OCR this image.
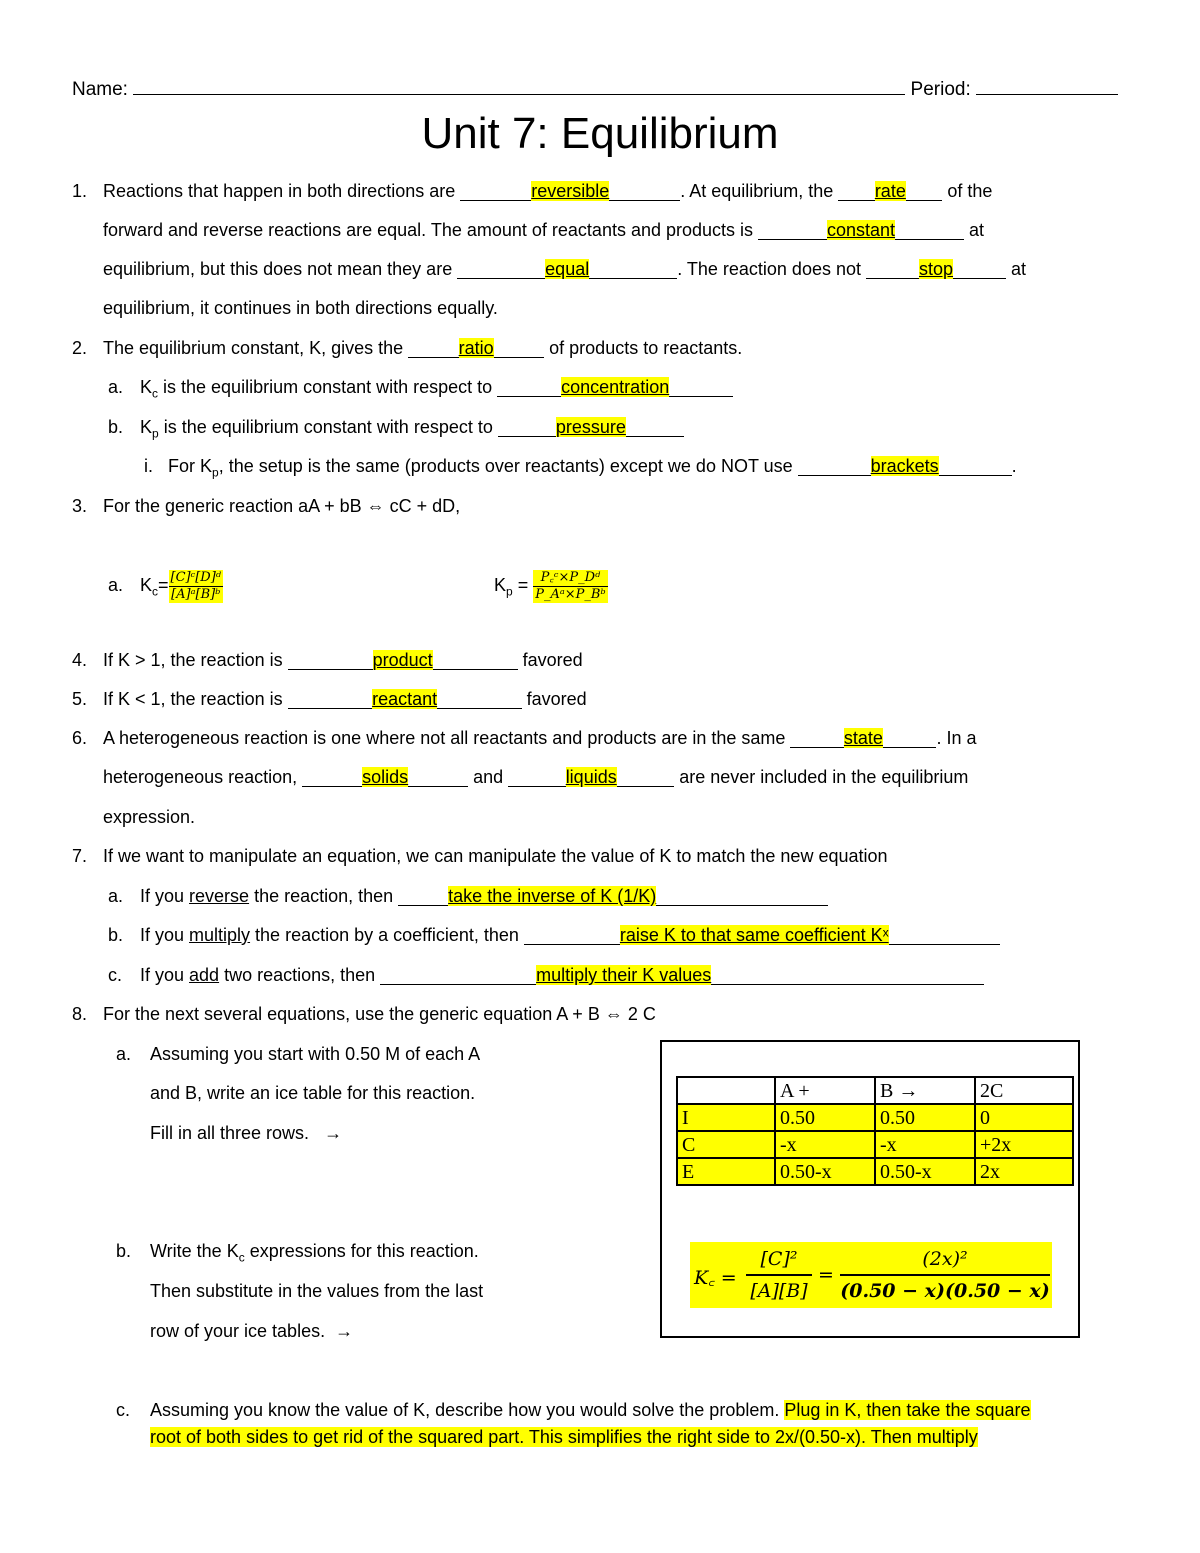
Name:	Period:
Unit 7: Equilibrium
1. Reactions that happen in both directions are	reversible	. At equilibrium, the rate of the
forward and reverse reactions are equal. The amount of reactants and products is	constant	at
equilibrium, but this does not mean they are	equal	. The reaction does not	stop	at
equilibrium, it continues in both directions equally.
2. The equilibrium constant, K, gives the	ratio	of products to reactants.
a. $K_c$ is the equilibrium constant with respect to	concentration
b. $K_p$ is the equilibrium constant with respect to	pressure
i. For $K_p$, the setup is the same (products over reactants) except we do NOT use	brackets	.
3. For the generic reaction aA + bB ⇔ cC + dD,
a. $K_c= \frac{\text{[C]ᶜ[D]ᵈ}}{\text{[A]ᵃ[B]ᵇ}}$	$K_p = \frac{\text{P꜀ᶜ×P\_Dᵈ}}{\text{P\_Aᵃ×P\_Bᵇ}}$
4. If K > 1, the reaction is	product	favored
5. If K < 1, the reaction is	reactant	favored
6. A heterogeneous reaction is one where not all reactants and products are in the same	state	. In a
heterogeneous reaction,	solids	and	liquids	are never included in the equilibrium
expression.
7. If we want to manipulate an equation, we can manipulate the value of K to match the new equation
a. If you reverse the reaction, then	take the inverse of K (1/K)
b. If you multiply the reaction by a coefficient, then	raise K to that same coefficient Kˣ
c. If you add two reactions, then	multiply their K values
8. For the next several equations, use the generic equation A + B ⇔ 2 C
a. Assuming you start with 0.50 M of each A
and B, write an ice table for this reaction.
Fill in all three rows. →
b. Write the $K_c$ expressions for this reaction.
Then substitute in the values from the last
row of your ice tables. →
c. Assuming you know the value of K, describe how you would solve the problem. Plug in K, then take the square
root of both sides to get rid of the squared part. This simplifies the right side to 2x/(0.50-x). Then multiply
	A +	B →	2C
I	0.50	0.50	0
C	-x	-x	+2x
E	0.50-x	0.50-x	2x
K꜀ =
[C]²
[A][B]
=
(2x)²
(0.50 − x)(0.50 − x)
